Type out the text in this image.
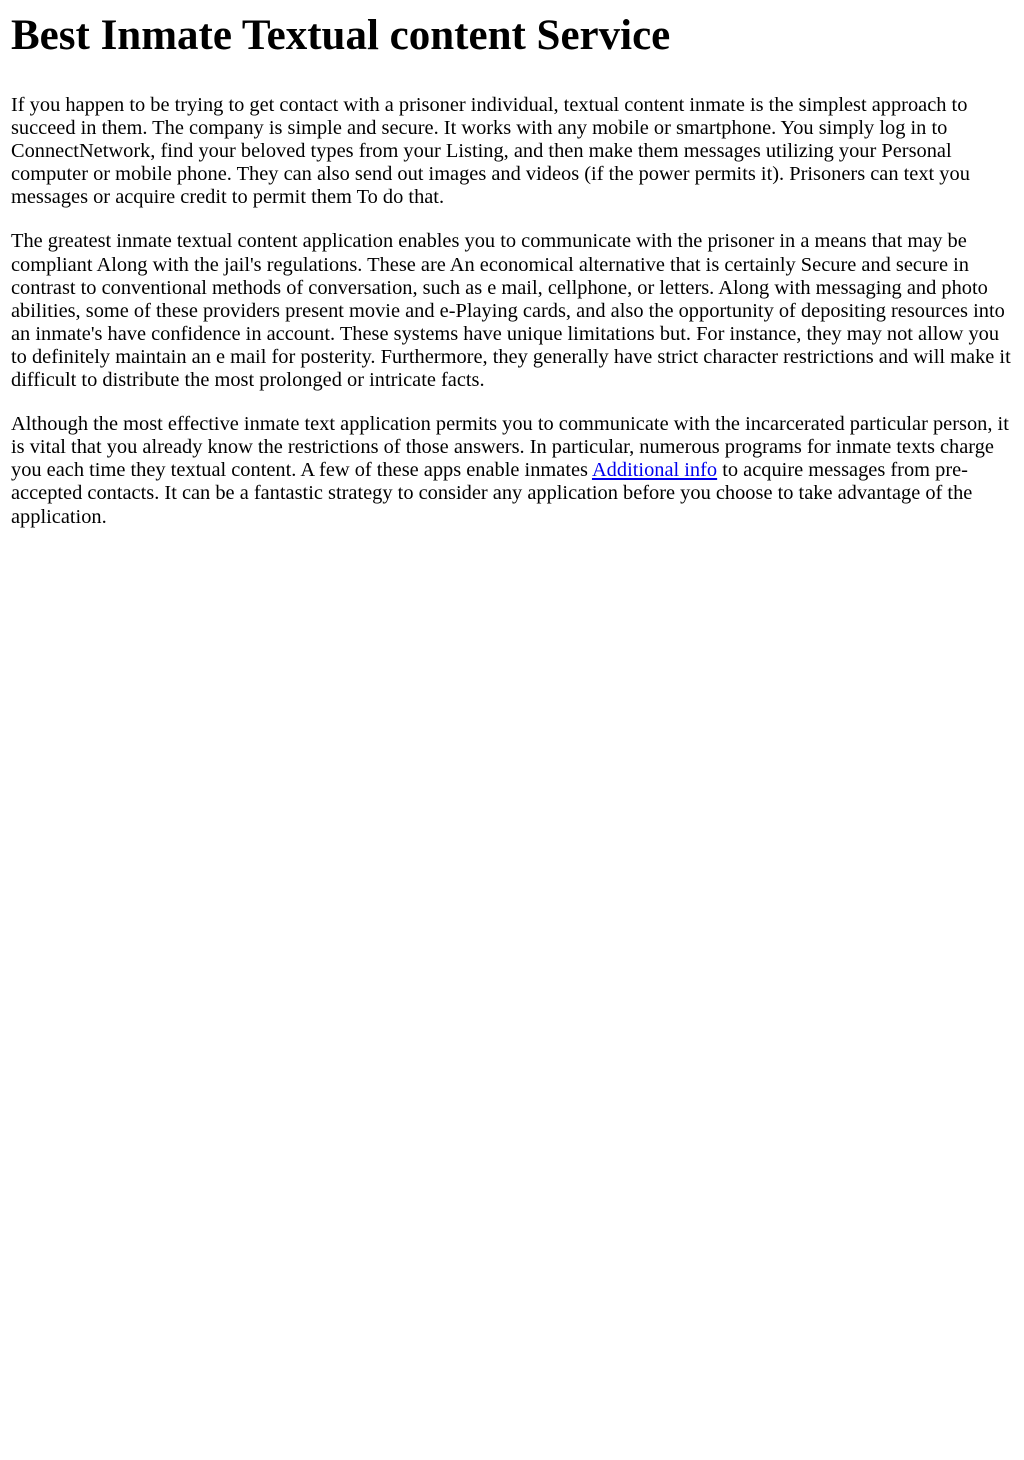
Best Inmate Textual content Service

If you happen to be trying to get contact with a prisoner individual, textual content inmate is the simplest approach to succeed in them. The company is simple and secure. It works with any mobile or smartphone. You simply log in to ConnectNetwork, find your beloved types from your Listing, and then make them messages utilizing your Personal computer or mobile phone. They can also send out images and videos (if the power permits it). Prisoners can text you messages or acquire credit to permit them To do that.

The greatest inmate textual content application enables you to communicate with the prisoner in a means that may be compliant Along with the jail's regulations. These are An economical alternative that is certainly Secure and secure in contrast to conventional methods of conversation, such as e mail, cellphone, or letters. Along with messaging and photo abilities, some of these providers present movie and e-Playing cards, and also the opportunity of depositing resources into an inmate's have confidence in account. These systems have unique limitations but. For instance, they may not allow you to definitely maintain an e mail for posterity. Furthermore, they generally have strict character restrictions and will make it difficult to distribute the most prolonged or intricate facts.

Although the most effective inmate text application permits you to communicate with the incarcerated particular person, it is vital that you already know the restrictions of those answers. In particular, numerous programs for inmate texts charge you each time they textual content. A few of these apps enable inmates Additional info to acquire messages from pre-accepted contacts. It can be a fantastic strategy to consider any application before you choose to take advantage of the application.
